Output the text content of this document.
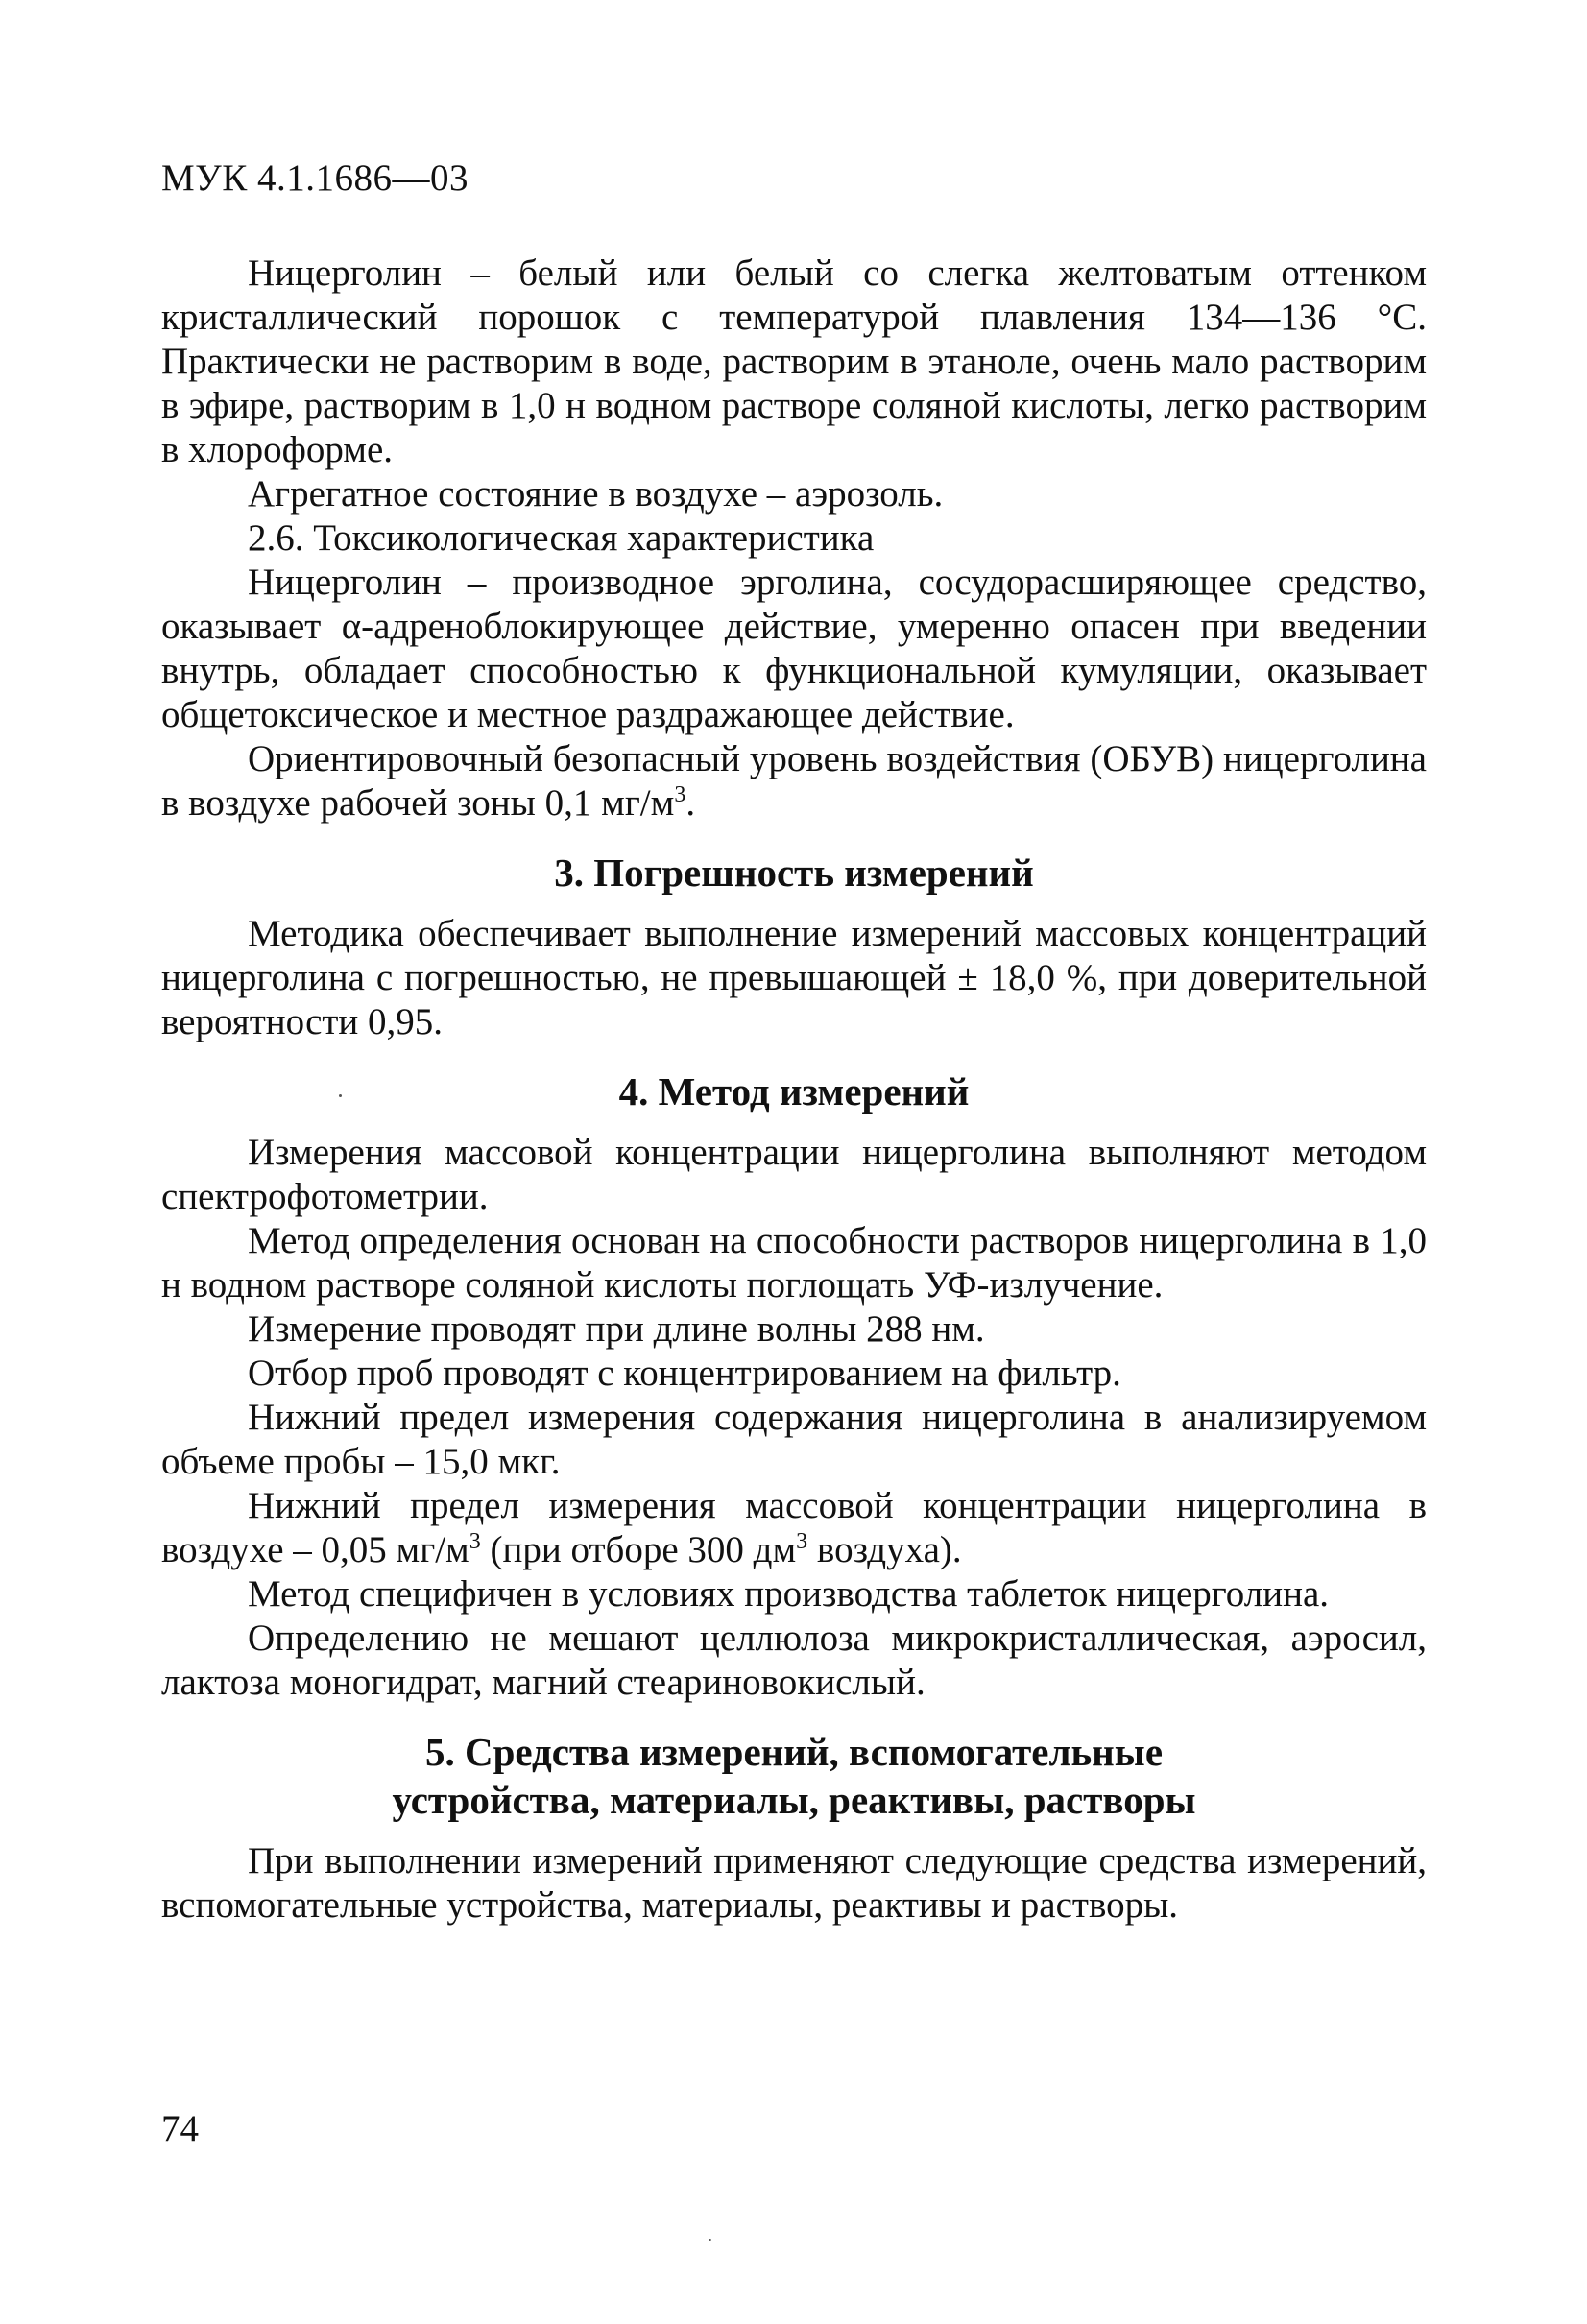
МУК 4.1.1686—03

Ницерголин – белый или белый со слегка желтоватым оттенком кристаллический порошок с температурой плавления 134—136 °С. Практически не растворим в воде, растворим в этаноле, очень мало растворим в эфире, растворим в 1,0 н водном растворе соляной кислоты, легко растворим в хлороформе.

Агрегатное состояние в воздухе – аэрозоль.

2.6. Токсикологическая характеристика

Ницерголин – производное эрголина, сосудорасширяющее средство, оказывает α-адреноблокирующее действие, умеренно опасен при введении внутрь, обладает способностью к функциональной кумуляции, оказывает общетоксическое и местное раздражающее действие.

Ориентировочный безопасный уровень воздействия (ОБУВ) ницерголина в воздухе рабочей зоны 0,1 $мг/м^3$.

3. Погрешность измерений

Методика обеспечивает выполнение измерений массовых концентраций ницерголина с погрешностью, не превышающей ± 18,0 %, при доверительной вероятности 0,95.

4. Метод измерений

Измерения массовой концентрации ницерголина выполняют методом спектрофотометрии.

Метод определения основан на способности растворов ницерголина в 1,0 н водном растворе соляной кислоты поглощать УФ-излучение.

Измерение проводят при длине волны 288 нм.

Отбор проб проводят с концентрированием на фильтр.

Нижний предел измерения содержания ницерголина в анализируемом объеме пробы – 15,0 мкг.

Нижний предел измерения массовой концентрации ницерголина в воздухе – 0,05 $мг/м^3$ (при отборе 300 $дм^3$ воздуха).

Метод специфичен в условиях производства таблеток ницерголина.

Определению не мешают целлюлоза микрокристаллическая, аэросил, лактоза моногидрат, магний стеариновокислый.

5. Средства измерений, вспомогательные
устройства, материалы, реактивы, растворы

При выполнении измерений применяют следующие средства измерений, вспомогательные устройства, материалы, реактивы и растворы.

74
